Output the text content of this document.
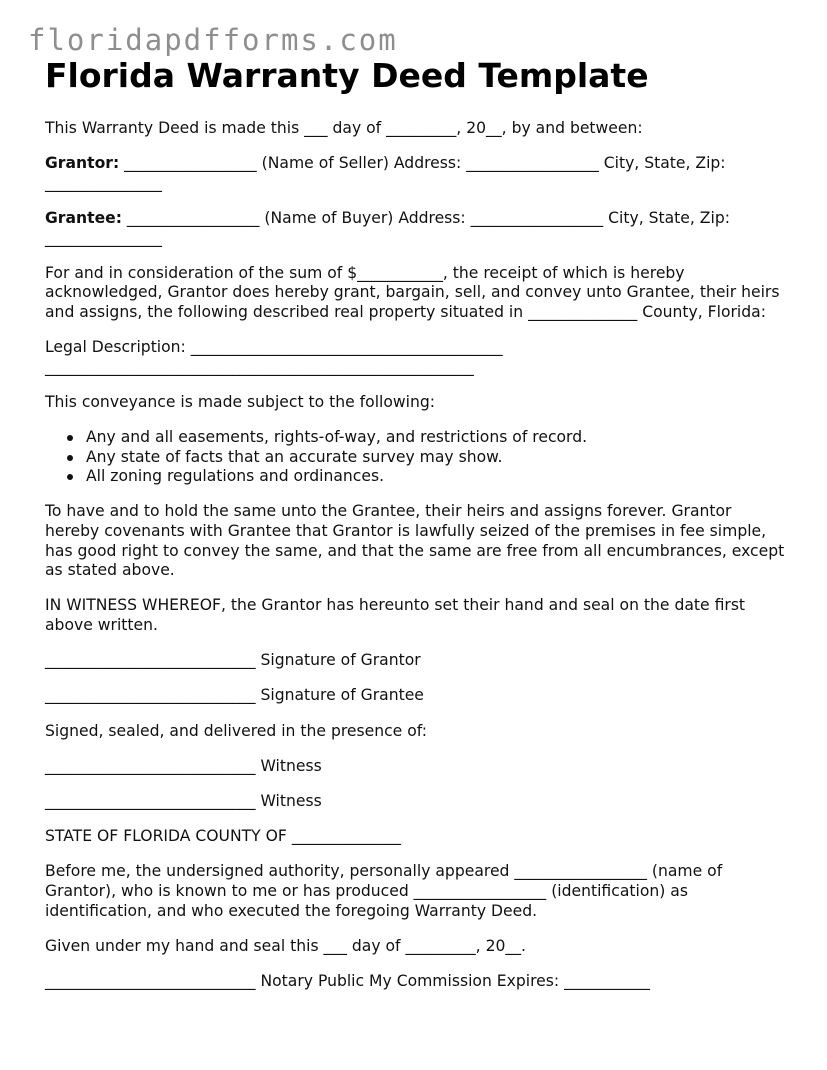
floridapdfforms.com
Florida Warranty Deed Template

This Warranty Deed is made this ___ day of _________, 20__, by and between:

Grantor: _________________ (Name of Seller) Address: _________________ City, State, Zip: _______________

Grantee: _________________ (Name of Buyer) Address: _________________ City, State, Zip: _______________

For and in consideration of the sum of $___________, the receipt of which is hereby acknowledged, Grantor does hereby grant, bargain, sell, and convey unto Grantee, their heirs and assigns, the following described real property situated in ______________ County, Florida:

Legal Description: ________________________________________
_______________________________________________________

This conveyance is made subject to the following:

Any and all easements, rights-of-way, and restrictions of record.
Any state of facts that an accurate survey may show.
All zoning regulations and ordinances.

To have and to hold the same unto the Grantee, their heirs and assigns forever. Grantor hereby covenants with Grantee that Grantor is lawfully seized of the premises in fee simple, has good right to convey the same, and that the same are free from all encumbrances, except as stated above.

IN WITNESS WHEREOF, the Grantor has hereunto set their hand and seal on the date first above written.

___________________________ Signature of Grantor

___________________________ Signature of Grantee

Signed, sealed, and delivered in the presence of:

___________________________ Witness

___________________________ Witness

STATE OF FLORIDA COUNTY OF ______________

Before me, the undersigned authority, personally appeared _________________ (name of Grantor), who is known to me or has produced _________________ (identification) as identification, and who executed the foregoing Warranty Deed.

Given under my hand and seal this ___ day of _________, 20__.

___________________________ Notary Public My Commission Expires: ___________
